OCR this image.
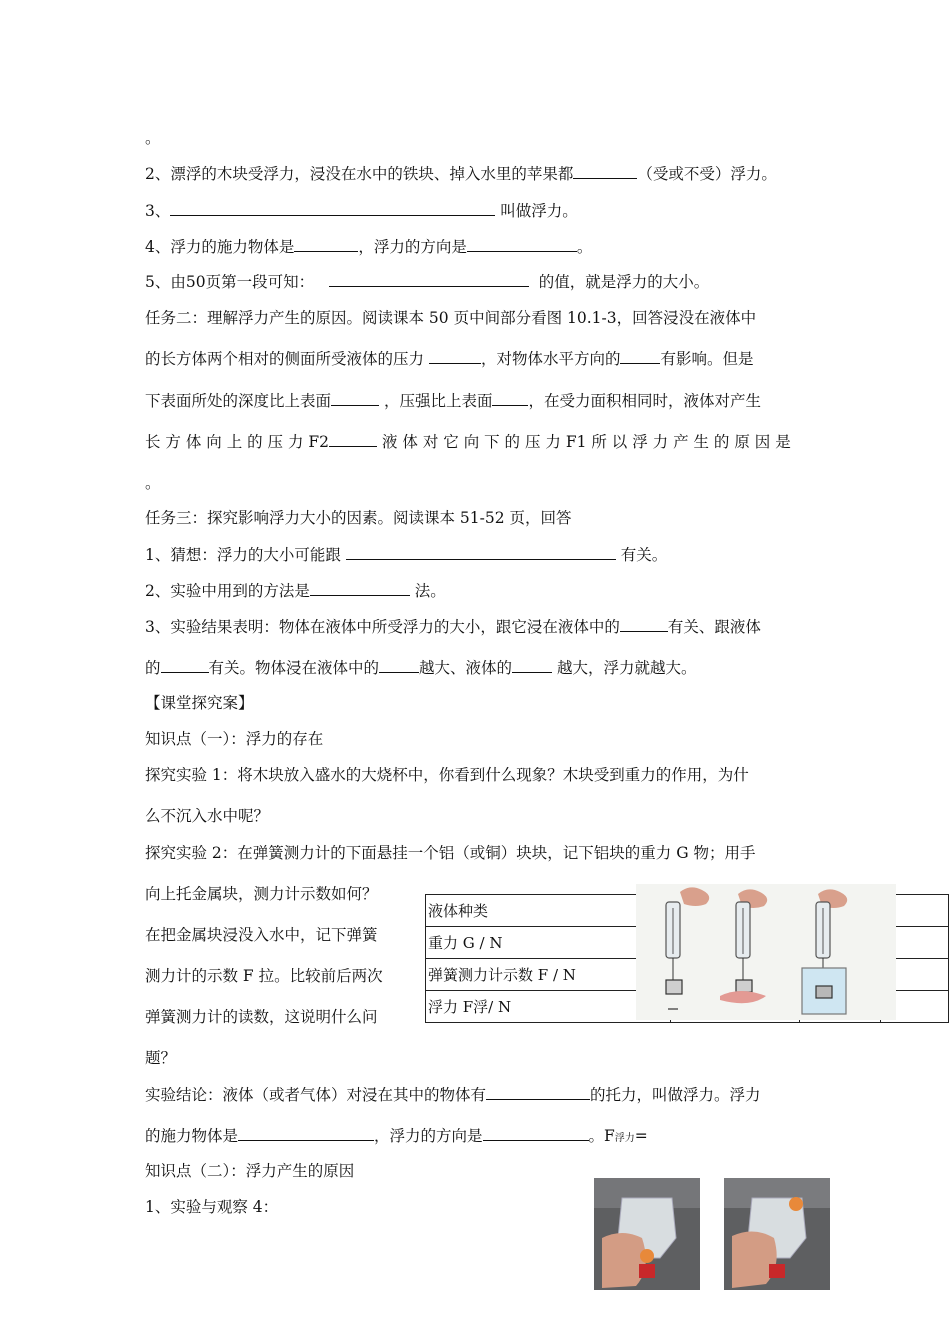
。
2、漂浮的木块受浮力，浸没在水中的铁块、掉入水里的苹果都	（受或不受）浮力。
3、	叫做浮力。
4、浮力的施力物体是	，浮力的方向是	。
5、由50页第一段可知：	的值，就是浮力的大小。
任务二：理解浮力产生的原因。阅读课本 50 页中间部分看图 10.1-3，回答浸没在液体中
的长方体两个相对的侧面所受液体的压力	，对物体水平方向的	有影响。但是
下表面所处的深度比上表面	，压强比上表面 ，在受力面积相同时，液体对产生
长 方 体 向 上 的 压 力 F2	液 体 对 它 向 下 的 压 力 F1 所 以 浮 力 产 生 的 原 因 是
。
任务三：探究影响浮力大小的因素。阅读课本 51-52 页，回答
1、猜想：浮力的大小可能跟	有关。
2、实验中用到的方法是	法。
3、实验结果表明：物体在液体中所受浮力的大小，跟它浸在液体中的	有关、跟液体
的	有关。物体浸在液体中的	越大、液体的	越大，浮力就越大。
【课堂探究案】
知识点（一）：浮力的存在
探究实验 1：将木块放入盛水的大烧杯中，你看到什么现象？木块受到重力的作用，为什
么不沉入水中呢？
探究实验 2：在弹簧测力计的下面悬挂一个铝（或铜）块块，记下铝块的重力 G 物；用手
向上托金属块，测力计示数如何？
在把金属块浸没入水中，记下弹簧
测力计的示数 F 拉。比较前后两次
弹簧测力计的读数，这说明什么问
题？
实验结论：液体（或者气体）对浸在其中的物体有	的托力，叫做浮力。浮力
的施力物体是	，浮力的方向是	。F浮力=
知识点（二）：浮力产生的原因
1、实验与观察 4：
液体种类			
重力 G / N			
弹簧测力计示数 F / N			
浮力 F浮/ N			
